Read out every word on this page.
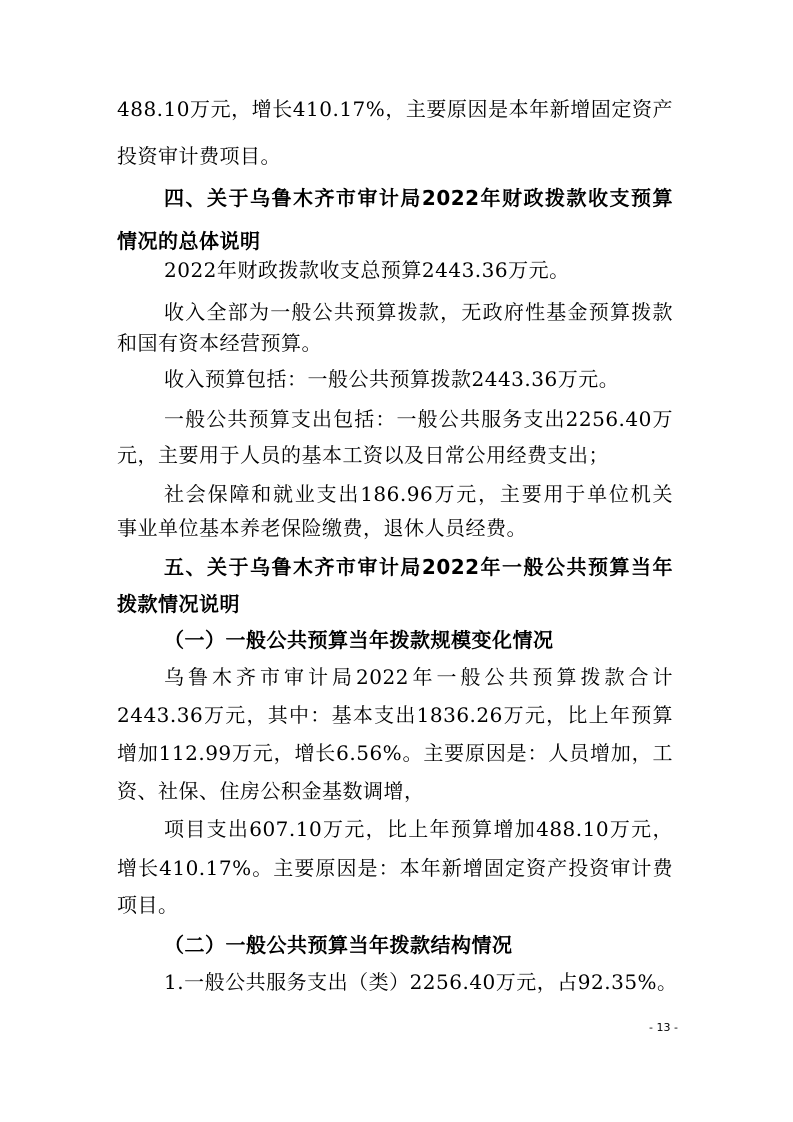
488.10万元，增长410.17%，主要原因是本年新增固定资产
投资审计费项目。
四、关于乌鲁木齐市审计局2022年财政拨款收支预算
情况的总体说明
2022年财政拨款收支总预算2443.36万元。
收入全部为一般公共预算拨款，无政府性基金预算拨款
和国有资本经营预算。
收入预算包括：一般公共预算拨款2443.36万元。
一般公共预算支出包括：一般公共服务支出2256.40万
元，主要用于人员的基本工资以及日常公用经费支出；
社会保障和就业支出186.96万元，主要用于单位机关
事业单位基本养老保险缴费，退休人员经费。
五、关于乌鲁木齐市审计局2022年一般公共预算当年
拨款情况说明
（一）一般公共预算当年拨款规模变化情况
乌鲁木齐市审计局2022年一般公共预算拨款合计
2443.36万元，其中：基本支出1836.26万元，比上年预算
增加112.99万元，增长6.56%。主要原因是：人员增加，工
资、社保、住房公积金基数调增，
项目支出607.10万元，比上年预算增加488.10万元，
增长410.17%。主要原因是：本年新增固定资产投资审计费
项目。
（二）一般公共预算当年拨款结构情况
1.一般公共服务支出（类）2256.40万元，占92.35%。
- 13 -
